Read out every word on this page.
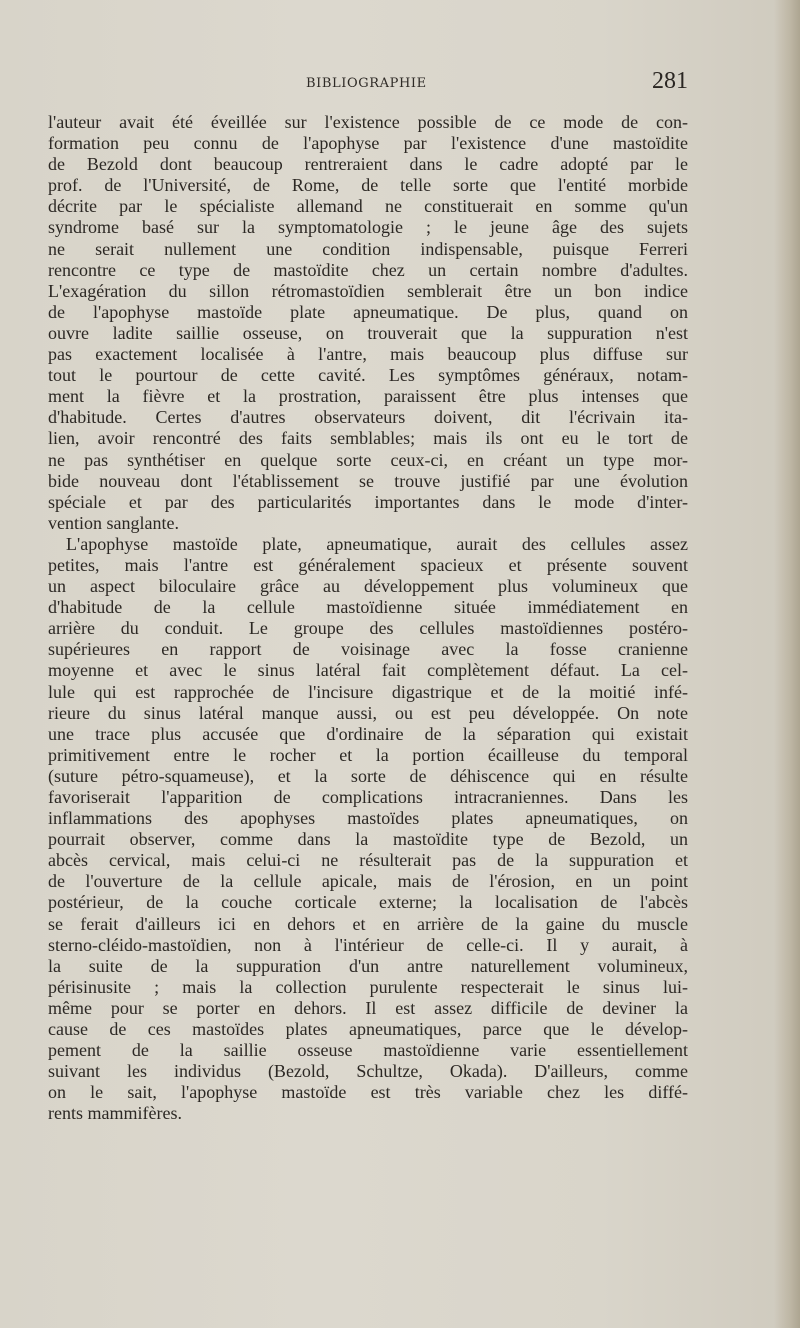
BIBLIOGRAPHIE	281
l'auteur avait été éveillée sur l'existence possible de ce mode de con-
formation peu connu de l'apophyse par l'existence d'une mastoïdite
de Bezold dont beaucoup rentreraient dans le cadre adopté par le
prof. de l'Université, de Rome, de telle sorte que l'entité morbide
décrite par le spécialiste allemand ne constituerait en somme qu'un
syndrome basé sur la symptomatologie ; le jeune âge des sujets
ne serait nullement une condition indispensable, puisque Ferreri
rencontre ce type de mastoïdite chez un certain nombre d'adultes.
L'exagération du sillon rétromastoïdien semblerait être un bon indice
de l'apophyse mastoïde plate apneumatique. De plus, quand on
ouvre ladite saillie osseuse, on trouverait que la suppuration n'est
pas exactement localisée à l'antre, mais beaucoup plus diffuse sur
tout le pourtour de cette cavité. Les symptômes généraux, notam-
ment la fièvre et la prostration, paraissent être plus intenses que
d'habitude. Certes d'autres observateurs doivent, dit l'écrivain ita-
lien, avoir rencontré des faits semblables; mais ils ont eu le tort de
ne pas synthétiser en quelque sorte ceux-ci, en créant un type mor-
bide nouveau dont l'établissement se trouve justifié par une évolution
spéciale et par des particularités importantes dans le mode d'inter-
vention sanglante.
L'apophyse mastoïde plate, apneumatique, aurait des cellules assez
petites, mais l'antre est généralement spacieux et présente souvent
un aspect biloculaire grâce au développement plus volumineux que
d'habitude de la cellule mastoïdienne située immédiatement en
arrière du conduit. Le groupe des cellules mastoïdiennes postéro-
supérieures en rapport de voisinage avec la fosse cranienne
moyenne et avec le sinus latéral fait complètement défaut. La cel-
lule qui est rapprochée de l'incisure digastrique et de la moitié infé-
rieure du sinus latéral manque aussi, ou est peu développée. On note
une trace plus accusée que d'ordinaire de la séparation qui existait
primitivement entre le rocher et la portion écailleuse du temporal
(suture pétro-squameuse), et la sorte de déhiscence qui en résulte
favoriserait l'apparition de complications intracraniennes. Dans les
inflammations des apophyses mastoïdes plates apneumatiques, on
pourrait observer, comme dans la mastoïdite type de Bezold, un
abcès cervical, mais celui-ci ne résulterait pas de la suppuration et
de l'ouverture de la cellule apicale, mais de l'érosion, en un point
postérieur, de la couche corticale externe; la localisation de l'abcès
se ferait d'ailleurs ici en dehors et en arrière de la gaine du muscle
sterno-cléido-mastoïdien, non à l'intérieur de celle-ci. Il y aurait, à
la suite de la suppuration d'un antre naturellement volumineux,
périsinusite ; mais la collection purulente respecterait le sinus lui-
même pour se porter en dehors. Il est assez difficile de deviner la
cause de ces mastoïdes plates apneumatiques, parce que le dévelop-
pement de la saillie osseuse mastoïdienne varie essentiellement
suivant les individus (Bezold, Schultze, Okada). D'ailleurs, comme
on le sait, l'apophyse mastoïde est très variable chez les diffé-
rents mammifères.
